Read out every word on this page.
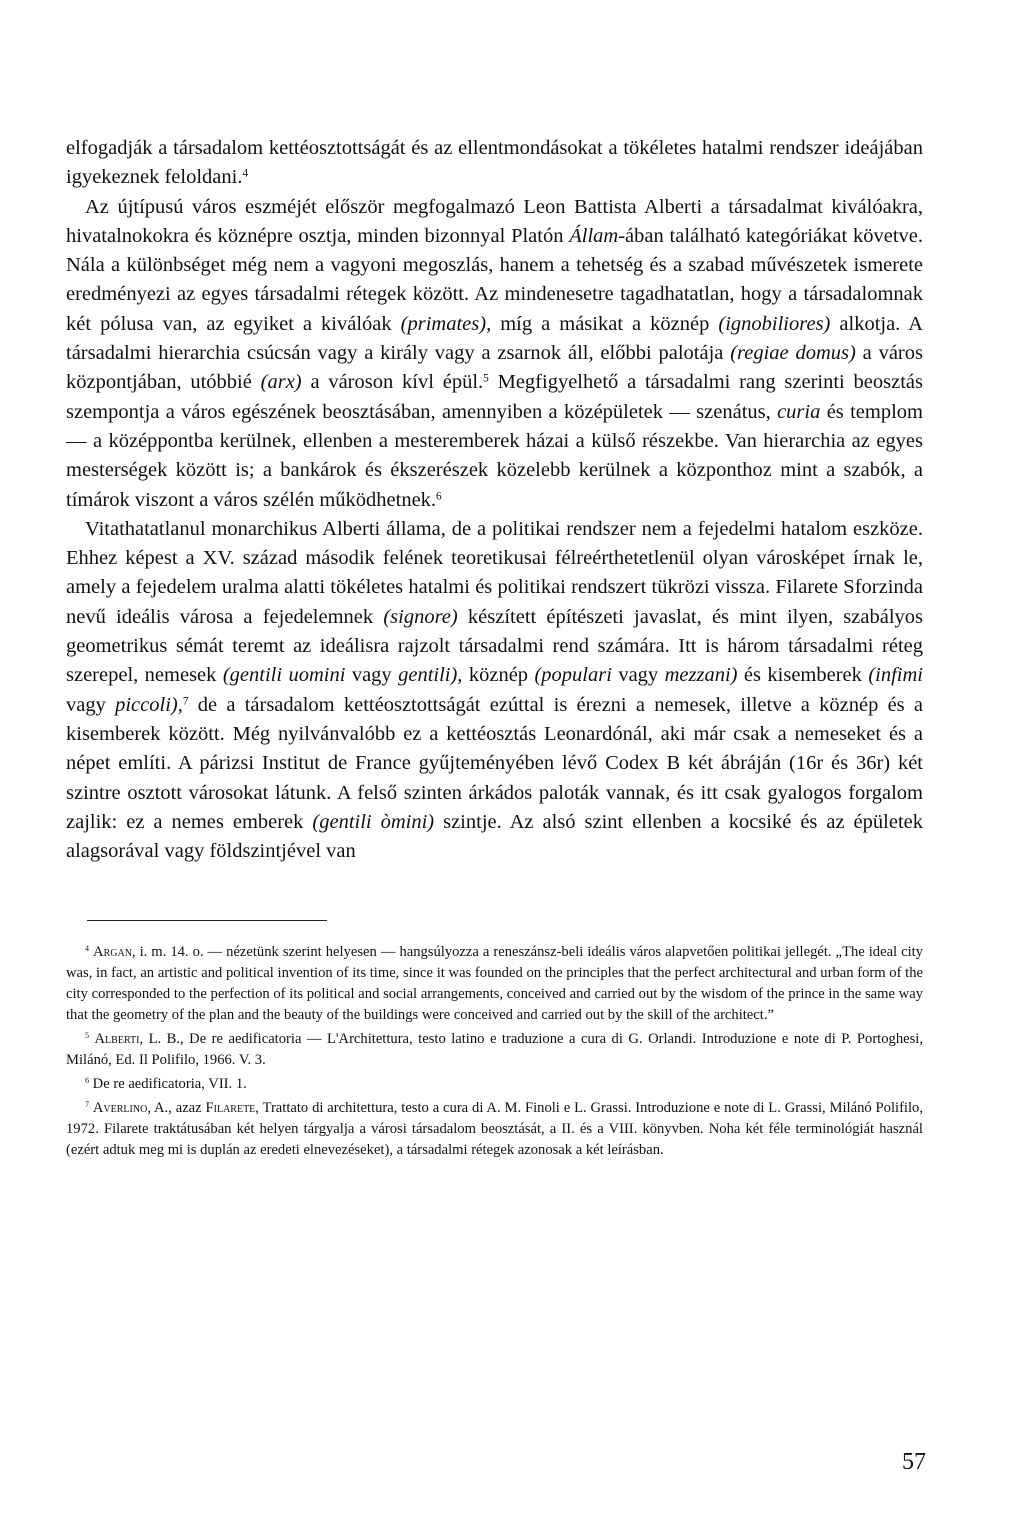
elfogadják a társadalom kettéosztottságát és az ellentmondásokat a tökéletes hatalmi rendszer ideájában igyekeznek feloldani.$^4$

Az újtípusú város eszméjét először megfogalmazó Leon Battista Alberti a társadalmat kiválóakra, hivatalnokokra és köznépre osztja, minden bizonnyal Platón Állam-ában található kategóriákat követve. Nála a különbséget még nem a vagyoni megoszlás, hanem a tehetség és a szabad művészetek ismerete eredményezi az egyes társadalmi rétegek között. Az mindenesetre tagadhatatlan, hogy a társadalomnak két pólusa van, az egyiket a kiválóak (primates), míg a másikat a köznép (ignobiliores) alkotja. A társadalmi hierarchia csúcsán vagy a király vagy a zsarnok áll, előbbi palotája (regiae domus) a város központjában, utóbbié (arx) a városon kívl épül.$^5$ Megfigyelhető a társadalmi rang szerinti beosztás szempontja a város egészének beosztásában, amennyiben a középületek — szenátus, curia és templom — a középpontba kerülnek, ellenben a mesteremberek házai a külső részekbe. Van hierarchia az egyes mesterségek között is; a bankárok és ékszerészek közelebb kerülnek a központhoz mint a szabók, a tímárok viszont a város szélén működhetnek.$^6$

Vitathatatlanul monarchikus Alberti állama, de a politikai rendszer nem a fejedelmi hatalom eszköze. Ehhez képest a XV. század második felének teoretikusai félreérthetetlenül olyan városképet írnak le, amely a fejedelem uralma alatti tökéletes hatalmi és politikai rendszert tükrözi vissza. Filarete Sforzinda nevű ideális városa a fejedelemnek (signore) készített építészeti javaslat, és mint ilyen, szabályos geometrikus sémát teremt az ideálisra rajzolt társadalmi rend számára. Itt is három társadalmi réteg szerepel, nemesek (gentili uomini vagy gentili), köznép (populari vagy mezzani) és kisemberek (infimi vagy piccoli),$^7$ de a társadalom kettéosztottságát ezúttal is érezni a nemesek, illetve a köznép és a kisemberek között. Még nyilvánvalóbb ez a kettéosztás Leonardónál, aki már csak a nemeseket és a népet említi. A párizsi Institut de France gyűjteményében lévő Codex B két ábráján (16r és 36r) két szintre osztott városokat látunk. A felső szinten árkádos paloták vannak, és itt csak gyalogos forgalom zajlik: ez a nemes emberek (gentili òmini) szintje. Az alsó szint ellenben a kocsiké és az épületek alagsorával vagy földszintjével van

$^4$ Argan, i. m. 14. o. — nézetünk szerint helyesen — hangsúlyozza a reneszánsz-beli ideális város alapvetően politikai jellegét. „The ideal city was, in fact, an artistic and political invention of its time, since it was founded on the principles that the perfect architectural and urban form of the city corresponded to the perfection of its political and social arrangements, conceived and carried out by the wisdom of the prince in the same way that the geometry of the plan and the beauty of the buildings were conceived and carried out by the skill of the architect.”

$^5$ Alberti, L. B., De re aedificatoria — L'Architettura, testo latino e traduzione a cura di G. Orlandi. Introduzione e note di P. Portoghesi, Milánó, Ed. Il Polifilo, 1966. V. 3.

$^6$ De re aedificatoria, VII. 1.

$^7$ Averlino, A., azaz Filarete, Trattato di architettura, testo a cura di A. M. Finoli e L. Grassi. Introduzione e note di L. Grassi, Milánó Polifilo, 1972. Filarete traktátusában két helyen tárgyalja a városi társadalom beosztását, a II. és a VIII. könyvben. Noha két féle terminológiát használ (ezért adtuk meg mi is duplán az eredeti elnevezéseket), a társadalmi rétegek azonosak a két leírásban.

57
